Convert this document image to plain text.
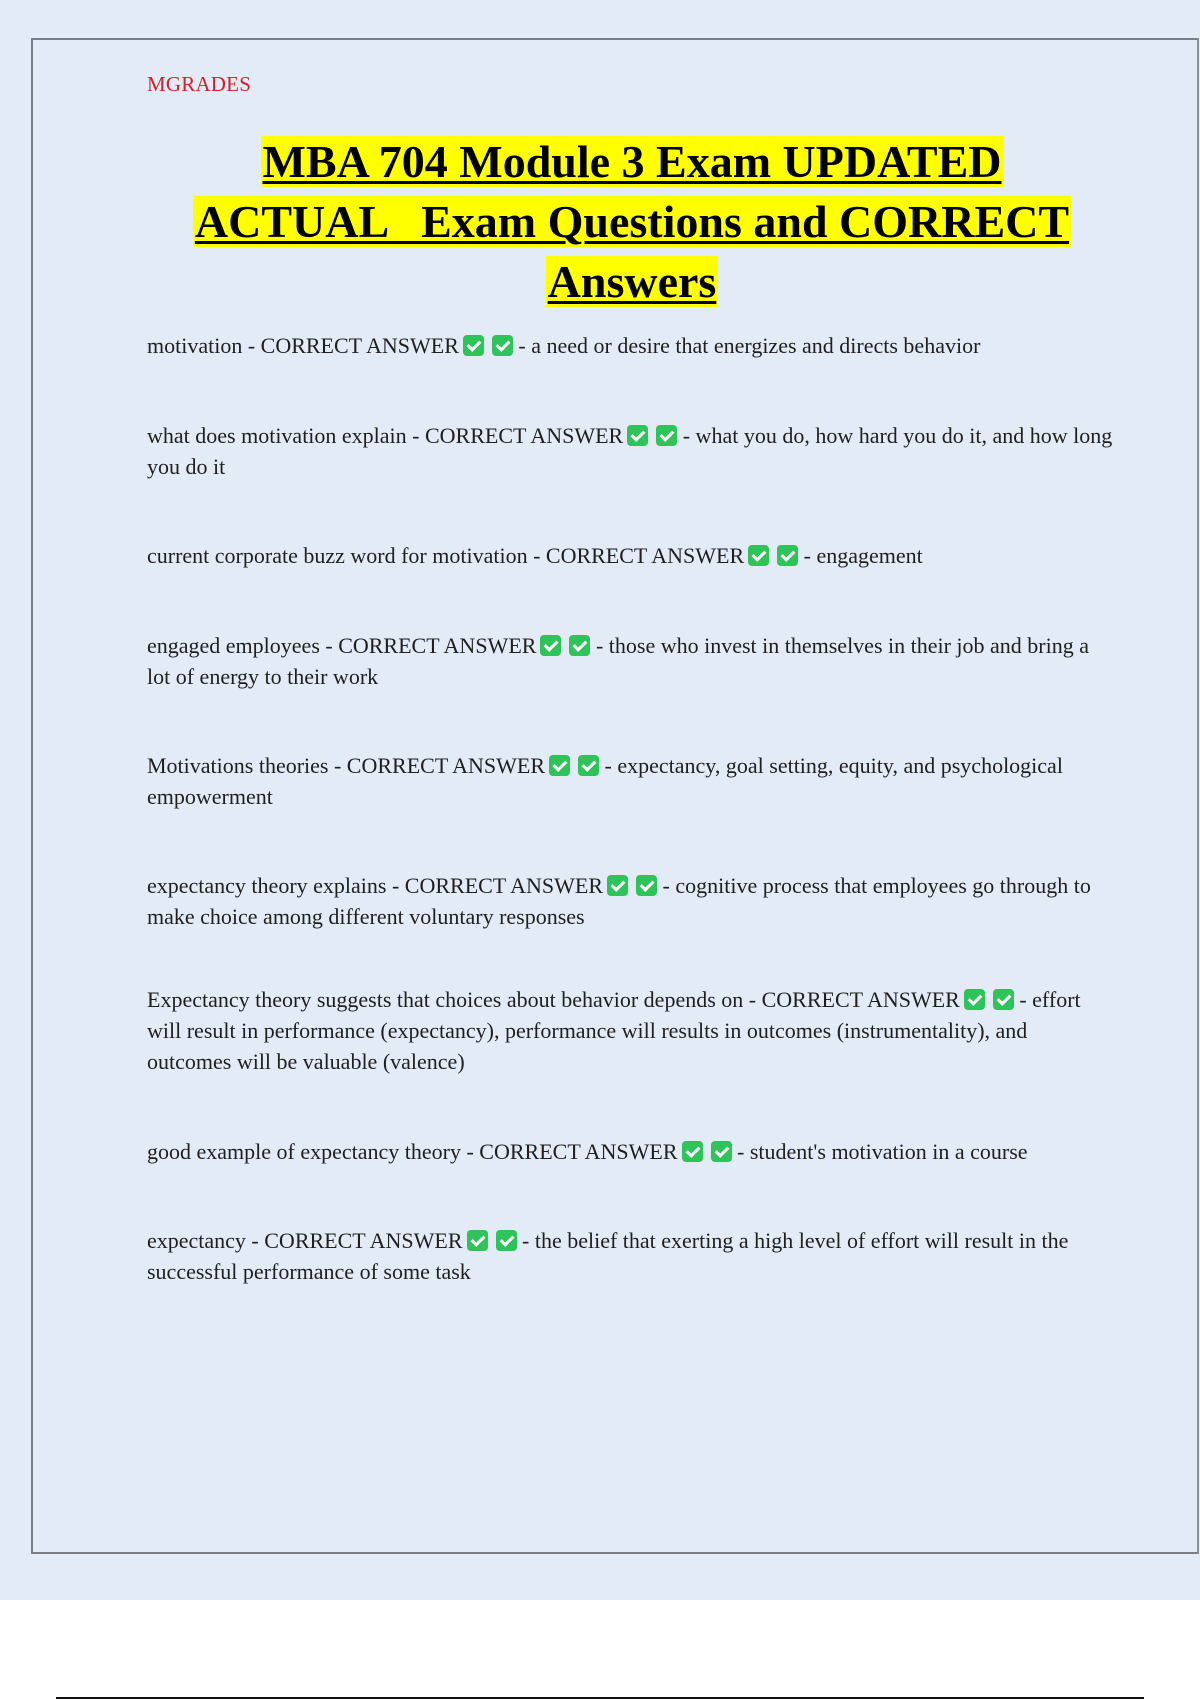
MGRADES

MBA 704 Module 3 Exam UPDATED
ACTUAL   Exam Questions and CORRECT
Answers

motivation - CORRECT ANSWER - a need or desire that energizes and directs behavior

what does motivation explain - CORRECT ANSWER - what you do, how hard you do it, and how long you do it

current corporate buzz word for motivation - CORRECT ANSWER - engagement

engaged employees - CORRECT ANSWER - those who invest in themselves in their job and bring a lot of energy to their work

Motivations theories - CORRECT ANSWER - expectancy, goal setting, equity, and psychological empowerment

expectancy theory explains - CORRECT ANSWER - cognitive process that employees go through to make choice among different voluntary responses

Expectancy theory suggests that choices about behavior depends on - CORRECT ANSWER - effort will result in performance (expectancy), performance will results in outcomes (instrumentality), and outcomes will be valuable (valence)

good example of expectancy theory - CORRECT ANSWER - student's motivation in a course

expectancy - CORRECT ANSWER - the belief that exerting a high level of effort will result in the successful performance of some task
